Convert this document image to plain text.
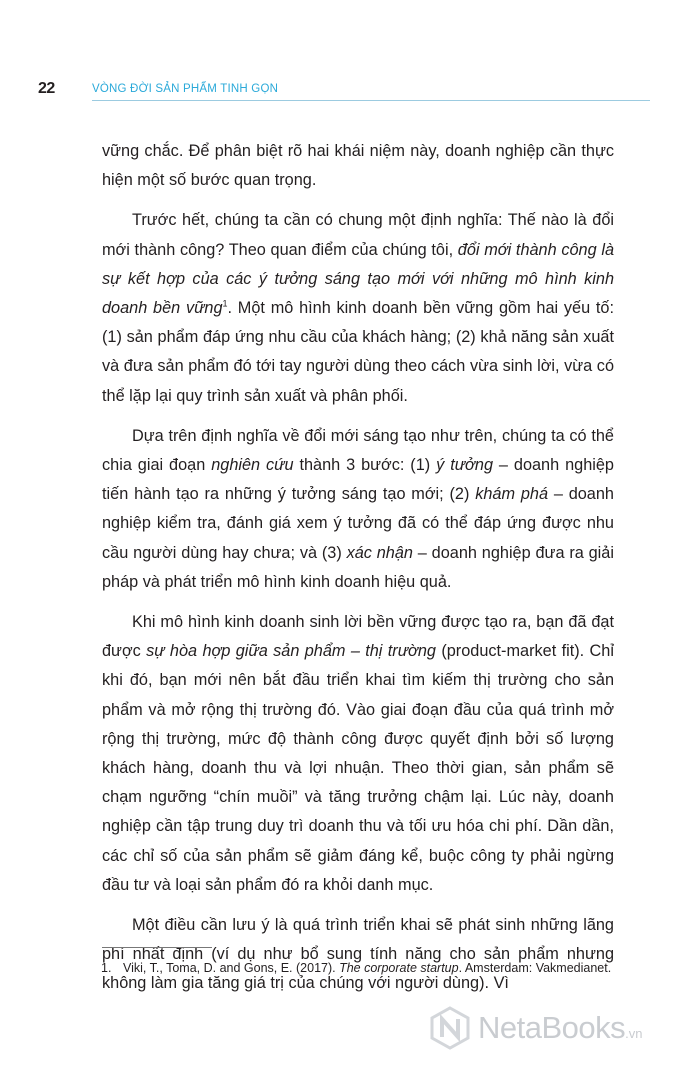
22	VÒNG ĐỜI SẢN PHẨM TINH GỌN

vững chắc. Để phân biệt rõ hai khái niệm này, doanh nghiệp cần thực hiện một số bước quan trọng.

Trước hết, chúng ta cần có chung một định nghĩa: Thế nào là đổi mới thành công? Theo quan điểm của chúng tôi, đổi mới thành công là sự kết hợp của các ý tưởng sáng tạo mới với những mô hình kinh doanh bền vững$^1$. Một mô hình kinh doanh bền vững gồm hai yếu tố: (1) sản phẩm đáp ứng nhu cầu của khách hàng; (2) khả năng sản xuất và đưa sản phẩm đó tới tay người dùng theo cách vừa sinh lời, vừa có thể lặp lại quy trình sản xuất và phân phối.

Dựa trên định nghĩa về đổi mới sáng tạo như trên, chúng ta có thể chia giai đoạn nghiên cứu thành 3 bước: (1) ý tưởng – doanh nghiệp tiến hành tạo ra những ý tưởng sáng tạo mới; (2) khám phá – doanh nghiệp kiểm tra, đánh giá xem ý tưởng đã có thể đáp ứng được nhu cầu người dùng hay chưa; và (3) xác nhận – doanh nghiệp đưa ra giải pháp và phát triển mô hình kinh doanh hiệu quả.

Khi mô hình kinh doanh sinh lời bền vững được tạo ra, bạn đã đạt được sự hòa hợp giữa sản phẩm – thị trường (product-market fit). Chỉ khi đó, bạn mới nên bắt đầu triển khai tìm kiếm thị trường cho sản phẩm và mở rộng thị trường đó. Vào giai đoạn đầu của quá trình mở rộng thị trường, mức độ thành công được quyết định bởi số lượng khách hàng, doanh thu và lợi nhuận. Theo thời gian, sản phẩm sẽ chạm ngưỡng “chín muồi” và tăng trưởng chậm lại. Lúc này, doanh nghiệp cần tập trung duy trì doanh thu và tối ưu hóa chi phí. Dần dần, các chỉ số của sản phẩm sẽ giảm đáng kể, buộc công ty phải ngừng đầu tư và loại sản phẩm đó ra khỏi danh mục.

Một điều cần lưu ý là quá trình triển khai sẽ phát sinh những lãng phí nhất định (ví dụ như bổ sung tính năng cho sản phẩm nhưng không làm gia tăng giá trị của chúng với người dùng). Vì

1. Viki, T., Toma, D. and Gons, E. (2017). The corporate startup. Amsterdam: Vakmedianet.
NetaBooks.vn
